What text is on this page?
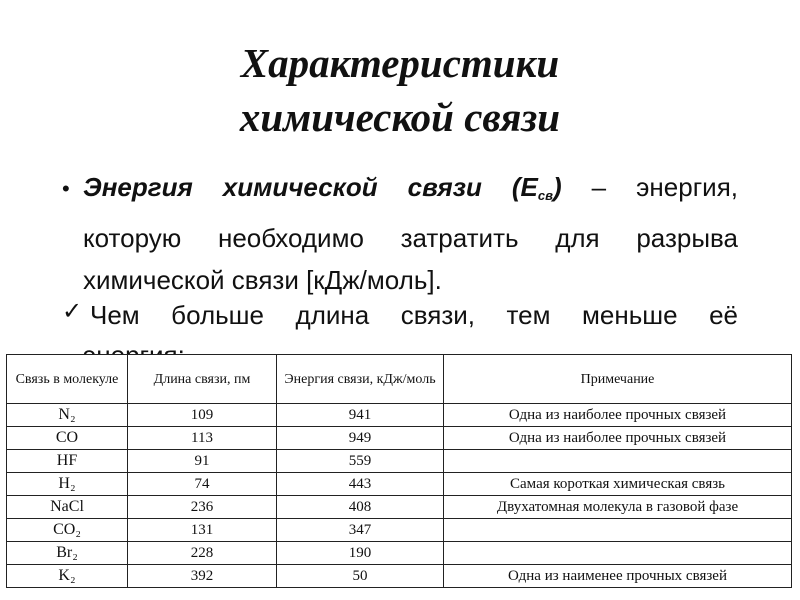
Характеристики
химической связи
• Энергия химической связи $(E_{св})$ – энергия,
которую необходимо затратить для разрыва
химической связи [кДж/моль].
✓ Чем больше длина связи, тем меньше её
Связь в молекуле	Длина связи, пм	Энергия связи, кДж/моль	Примечание
N₂	109	941	Одна из наиболее прочных связей
CO	113	949	Одна из наиболее прочных связей
HF	91	559	
H₂	74	443	Самая короткая химическая связь
NaCl	236	408	Двухатомная молекула в газовой фазе
CO₂	131	347	
Br₂	228	190	
K₂	392	50	Одна из наименее прочных связей
